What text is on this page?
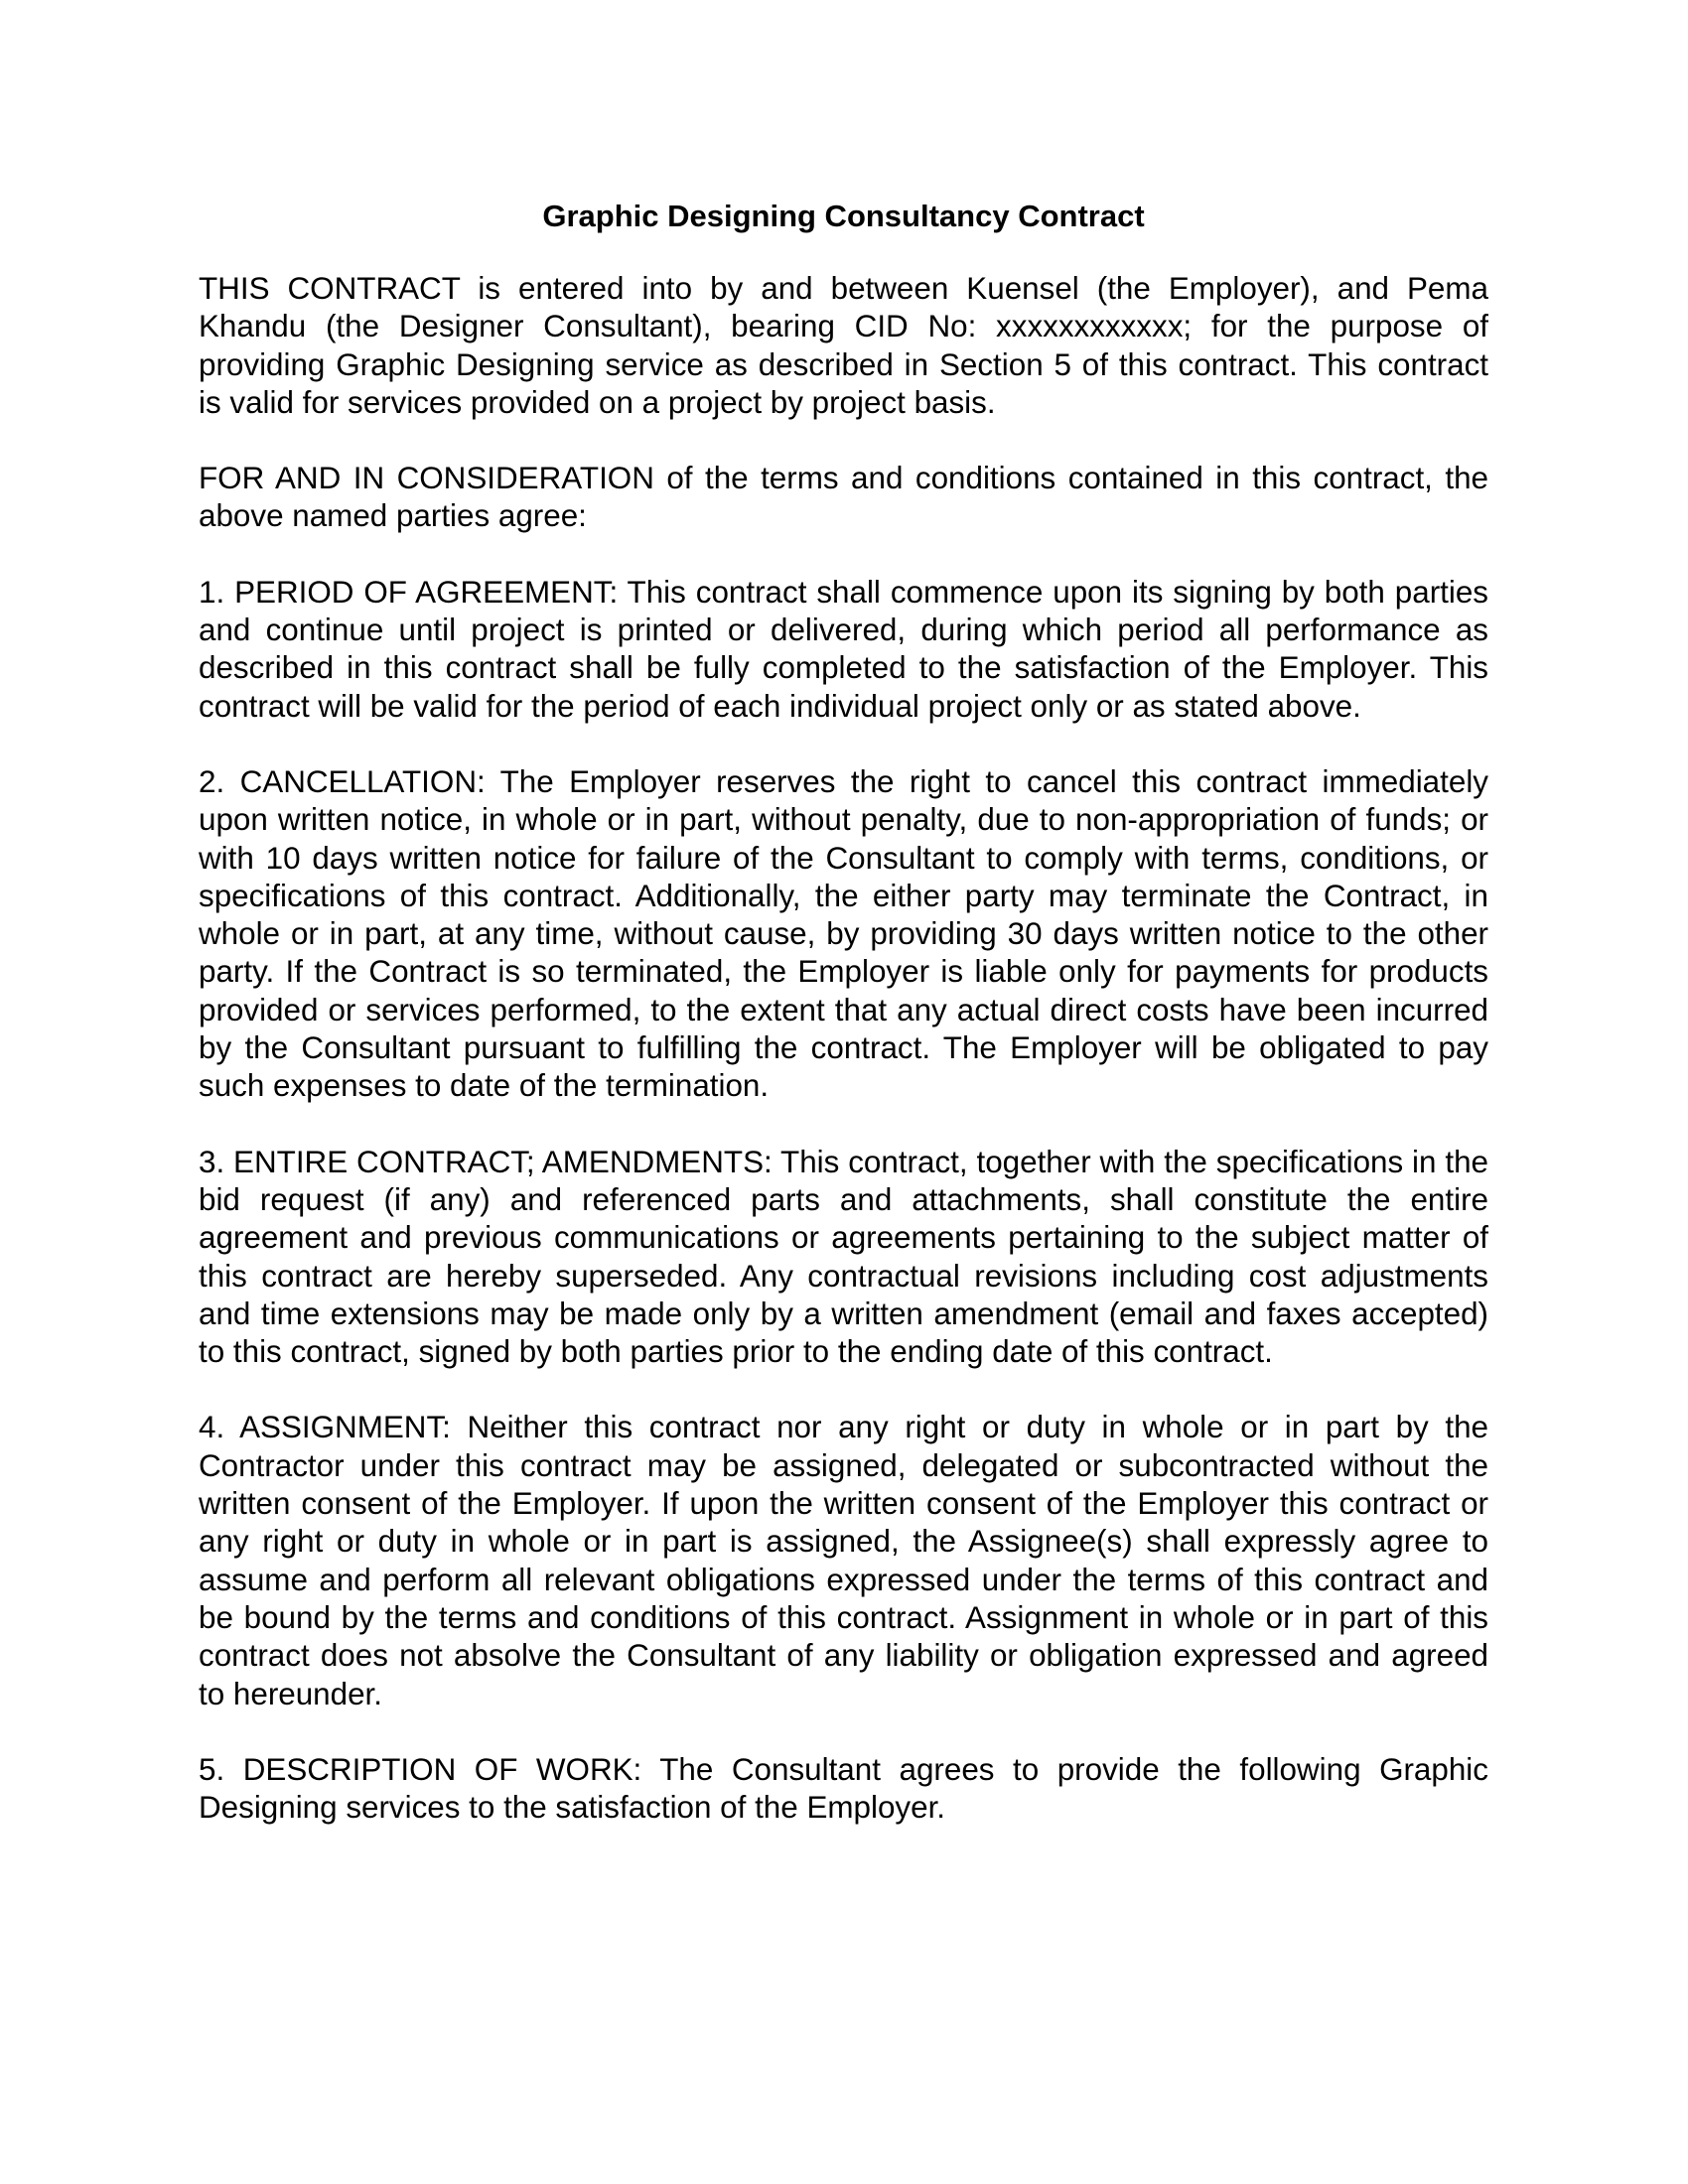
Graphic Designing Consultancy Contract

THIS CONTRACT is entered into by and between Kuensel (the Employer), and Pema Khandu (the Designer Consultant), bearing CID No: xxxxxxxxxxxx; for the purpose of providing Graphic Designing service as described in Section 5 of this contract. This contract is valid for services provided on a project by project basis.

FOR AND IN CONSIDERATION of the terms and conditions contained in this contract, the above named parties agree:

1. PERIOD OF AGREEMENT: This contract shall commence upon its signing by both parties and continue until project is printed or delivered, during which period all performance as described in this contract shall be fully completed to the satisfaction of the Employer. This contract will be valid for the period of each individual project only or as stated above.

2. CANCELLATION: The Employer reserves the right to cancel this contract immediately upon written notice, in whole or in part, without penalty, due to non-appropriation of funds; or with 10 days written notice for failure of the Consultant to comply with terms, conditions, or specifications of this contract. Additionally, the either party may terminate the Contract, in whole or in part, at any time, without cause, by providing 30 days written notice to the other party. If the Contract is so terminated, the Employer is liable only for payments for products provided or services performed, to the extent that any actual direct costs have been incurred by the Consultant pursuant to fulfilling the contract. The Employer will be obligated to pay such expenses to date of the termination.

3. ENTIRE CONTRACT; AMENDMENTS: This contract, together with the specifications in the bid request (if any) and referenced parts and attachments, shall constitute the entire agreement and previous communications or agreements pertaining to the subject matter of this contract are hereby superseded. Any contractual revisions including cost adjustments and time extensions may be made only by a written amendment (email and faxes accepted) to this contract, signed by both parties prior to the ending date of this contract.

4. ASSIGNMENT: Neither this contract nor any right or duty in whole or in part by the Contractor under this contract may be assigned, delegated or subcontracted without the written consent of the Employer. If upon the written consent of the Employer this contract or any right or duty in whole or in part is assigned, the Assignee(s) shall expressly agree to assume and perform all relevant obligations expressed under the terms of this contract and be bound by the terms and conditions of this contract. Assignment in whole or in part of this contract does not absolve the Consultant of any liability or obligation expressed and agreed to hereunder.

5. DESCRIPTION OF WORK: The Consultant agrees to provide the following Graphic Designing services to the satisfaction of the Employer.
